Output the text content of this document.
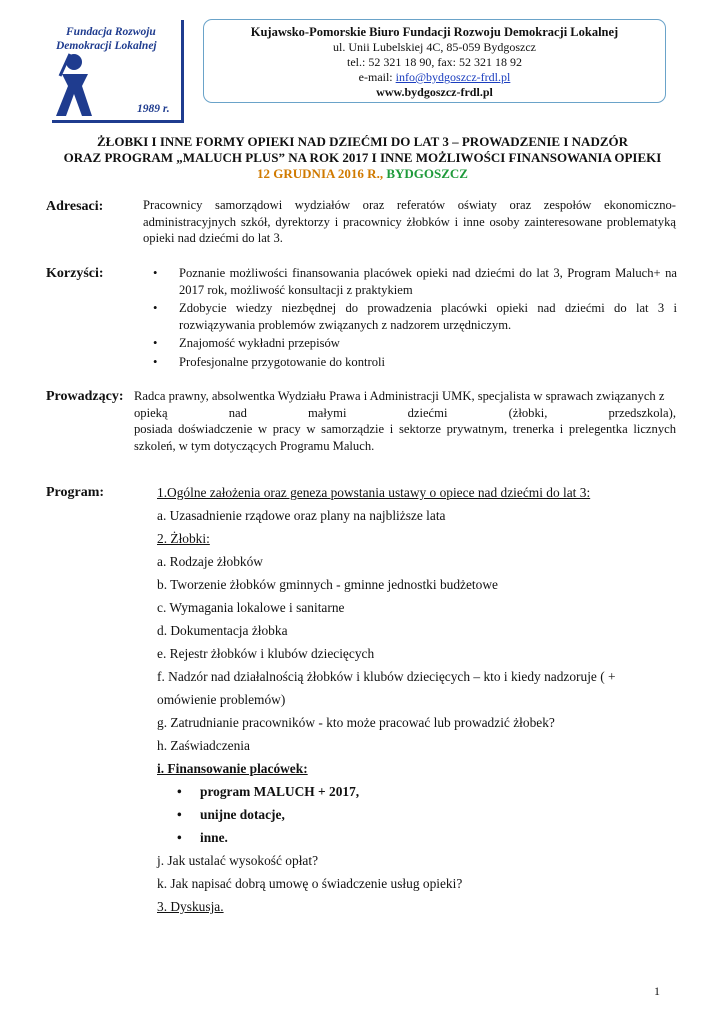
Fundacja Rozwoju
Demokracji Lokalnej
1989 r.
Kujawsko-Pomorskie Biuro Fundacji Rozwoju Demokracji Lokalnej
ul. Unii Lubelskiej 4C, 85-059 Bydgoszcz
tel.: 52 321 18 90, fax: 52 321 18 92
e-mail: info@bydgoszcz-frdl.pl
www.bydgoszcz-frdl.pl
ŻŁOBKI I INNE FORMY OPIEKI NAD DZIEĆMI DO LAT 3 – PROWADZENIE I NADZÓR
ORAZ PROGRAM „MALUCH PLUS” NA ROK 2017 I INNE MOŻLIWOŚCI FINANSOWANIA OPIEKI
12 GRUDNIA 2016 R., BYDGOSZCZ
Adresaci:	Pracownicy samorządowi wydziałów oraz referatów oświaty oraz zespołów ekonomiczno-administracyjnych szkół, dyrektorzy i pracownicy żłobków i inne osoby zainteresowane problematyką opieki nad dziećmi do lat 3.
Korzyści:
•	Poznanie możliwości finansowania placówek opieki nad dziećmi do lat 3, Program Maluch+ na 2017 rok, możliwość konsultacji z praktykiem
• Zdobycie wiedzy niezbędnej do prowadzenia placówki opieki nad dziećmi do lat 3 i rozwiązywania problemów związanych z nadzorem urzędniczym.
• Znajomość wykładni przepisów
• Profesjonalne przygotowanie do kontroli
Prowadzący: Radca prawny, absolwentka Wydziału Prawa i Administracji UMK, specjalista w sprawach związanych z
opieką	nad	małymi	dziećmi	(żłobki,	przedszkola),
posiada doświadczenie w pracy w samorządzie i sektorze prywatnym, trenerka i prelegentka licznych szkoleń, w tym dotyczących Programu Maluch.
Program:	1.Ogólne założenia oraz geneza powstania ustawy o opiece nad dziećmi do lat 3:
a. Uzasadnienie rządowe oraz plany na najbliższe lata
2. Żłobki:
a. Rodzaje żłobków
b. Tworzenie żłobków gminnych - gminne jednostki budżetowe
c. Wymagania lokalowe i sanitarne
d. Dokumentacja żłobka
e. Rejestr żłobków i klubów dziecięcych
f. Nadzór nad działalnością żłobków i klubów dziecięcych – kto i kiedy nadzoruje ( + omówienie problemów)
g. Zatrudnianie pracowników - kto może pracować lub prowadzić żłobek?
h. Zaświadczenia
i. Finansowanie placówek:
• program MALUCH + 2017,
• unijne dotacje,
• inne.
j. Jak ustalać wysokość opłat?
k. Jak napisać dobrą umowę o świadczenie usług opieki?
3. Dyskusja.
1
